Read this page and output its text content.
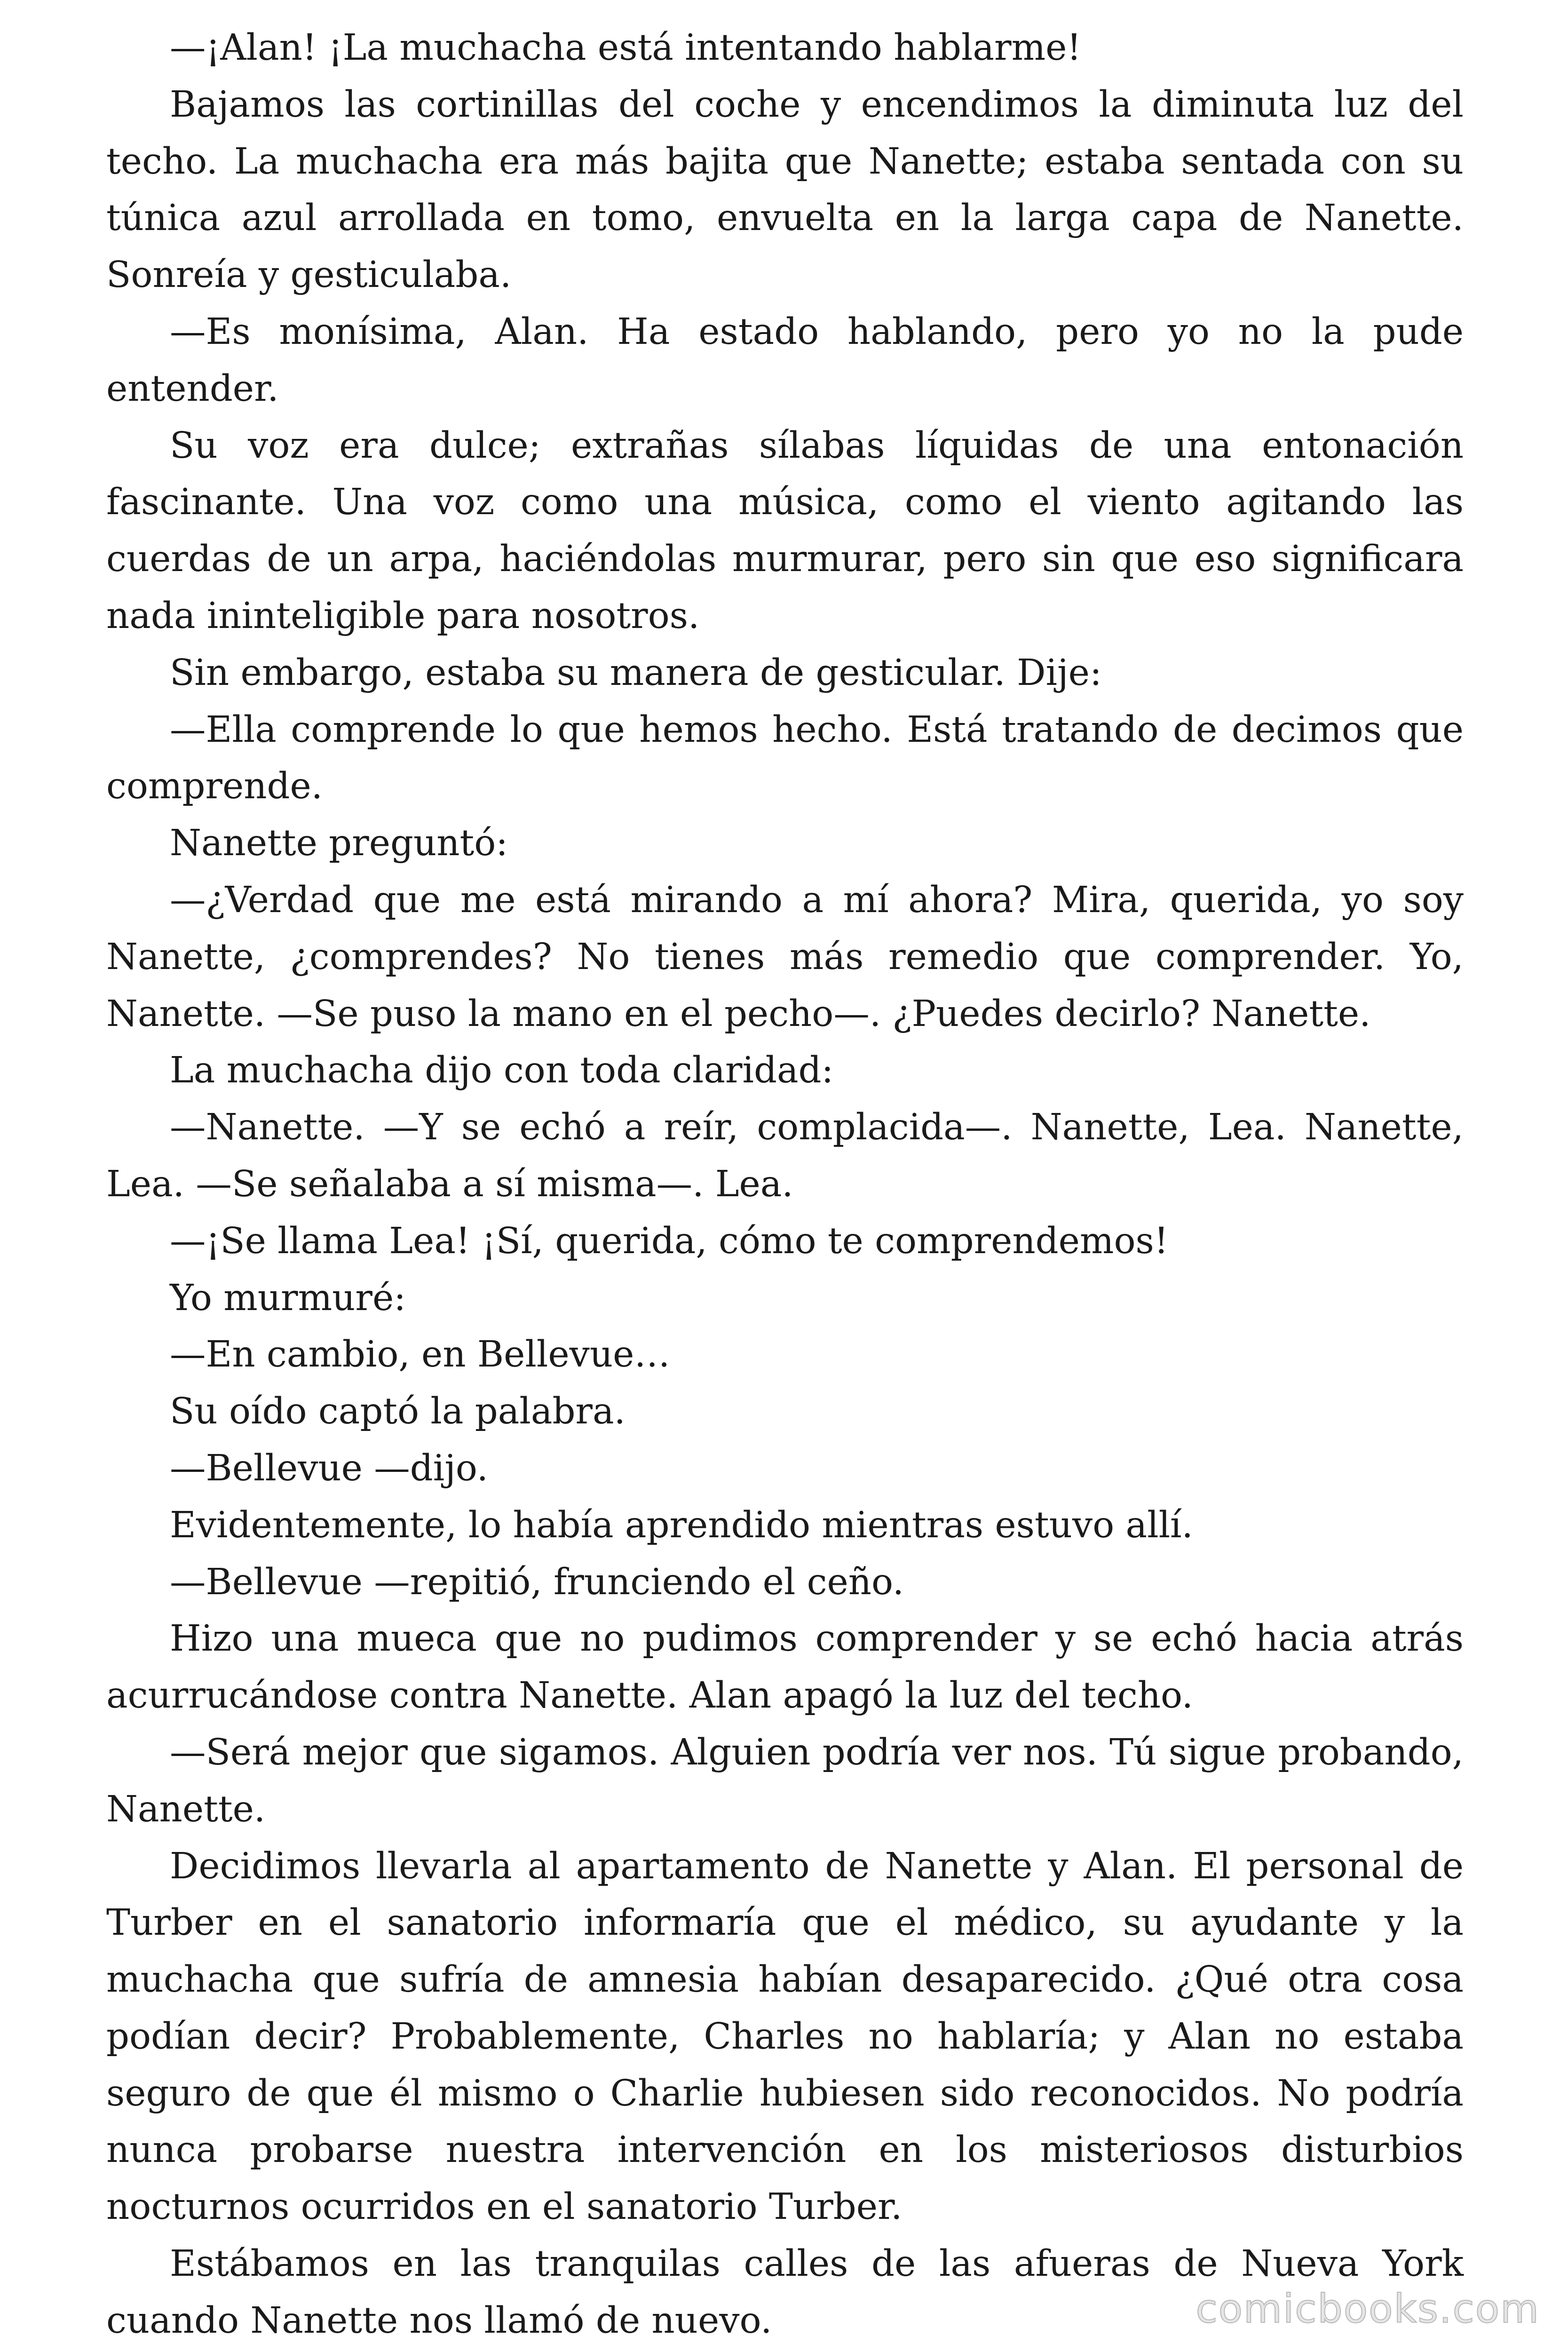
—¡Alan! ¡La muchacha está intentando hablarme!

Bajamos las cortinillas del coche y encendimos la diminuta luz del techo. La muchacha era más bajita que Nanette; estaba sentada con su túnica azul arrollada en tomo, envuelta en la larga capa de Nanette. Sonreía y gesticulaba.

—Es monísima, Alan. Ha estado hablando, pero yo no la pude entender.

Su voz era dulce; extrañas sílabas líquidas de una entonación fascinante. Una voz como una música, como el viento agitando las cuerdas de un arpa, haciéndolas murmurar, pero sin que eso significara nada ininteligible para nosotros.

Sin embargo, estaba su manera de gesticular. Dije:

—Ella comprende lo que hemos hecho. Está tratando de decimos que comprende.

Nanette preguntó:

—¿Verdad que me está mirando a mí ahora? Mira, querida, yo soy Nanette, ¿comprendes? No tienes más remedio que comprender. Yo, Nanette. —Se puso la mano en el pecho—. ¿Puedes decirlo? Nanette.

La muchacha dijo con toda claridad:

—Nanette. —Y se echó a reír, complacida—. Nanette, Lea. Nanette, Lea. —Se señalaba a sí misma—. Lea.

—¡Se llama Lea! ¡Sí, querida, cómo te comprendemos!

Yo murmuré:

—En cambio, en Bellevue…

Su oído captó la palabra.

—Bellevue —dijo.

Evidentemente, lo había aprendido mientras estuvo allí.

—Bellevue —repitió, frunciendo el ceño.

Hizo una mueca que no pudimos comprender y se echó hacia atrás acurrucándose contra Nanette. Alan apagó la luz del techo.

—Será mejor que sigamos. Alguien podría ver nos. Tú sigue probando, Nanette.

Decidimos llevarla al apartamento de Nanette y Alan. El personal de Turber en el sanatorio informaría que el médico, su ayudante y la muchacha que sufría de amnesia habían desaparecido. ¿Qué otra cosa podían decir? Probablemente, Charles no hablaría; y Alan no estaba seguro de que él mismo o Charlie hubiesen sido reconocidos. No podría nunca probarse nuestra intervención en los misteriosos disturbios nocturnos ocurridos en el sanatorio Turber.

Estábamos en las tranquilas calles de las afueras de Nueva York cuando Nanette nos llamó de nuevo.	comicbooks.com
